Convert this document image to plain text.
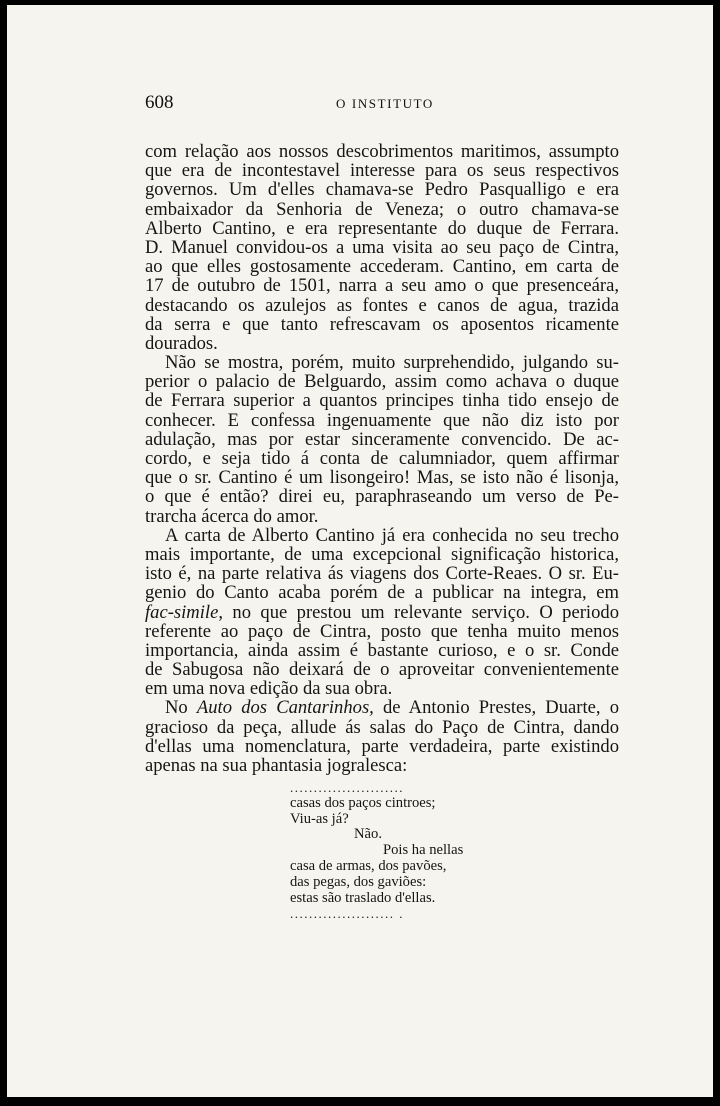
608	O INSTITUTO
com relação aos nossos descobrimentos maritimos, assumpto
que era de incontestavel interesse para os seus respectivos
governos. Um d'elles chamava-se Pedro Pasqualligo e era
embaixador da Senhoria de Veneza; o outro chamava-se
Alberto Cantino, e era representante do duque de Ferrara.
D. Manuel convidou-os a uma visita ao seu paço de Cintra,
ao que elles gostosamente accederam. Cantino, em carta de
17 de outubro de 1501, narra a seu amo o que presenceára,
destacando os azulejos as fontes e canos de agua, trazida
da serra e que tanto refrescavam os aposentos ricamente
dourados.
Não se mostra, porém, muito surprehendido, julgando su-
perior o palacio de Belguardo, assim como achava o duque
de Ferrara superior a quantos principes tinha tido ensejo de
conhecer. E confessa ingenuamente que não diz isto por
adulação, mas por estar sinceramente convencido. De ac-
cordo, e seja tido á conta de calumniador, quem affirmar
que o sr. Cantino é um lisongeiro! Mas, se isto não é lisonja,
o que é então? direi eu, paraphraseando um verso de Pe-
trarcha ácerca do amor.
A carta de Alberto Cantino já era conhecida no seu trecho
mais importante, de uma excepcional significação historica,
isto é, na parte relativa ás viagens dos Corte-Reaes. O sr. Eu-
genio do Canto acaba porém de a publicar na integra, em
fac-simile, no que prestou um relevante serviço. O periodo
referente ao paço de Cintra, posto que tenha muito menos
importancia, ainda assim é bastante curioso, e o sr. Conde
de Sabugosa não deixará de o aproveitar convenientemente
em uma nova edição da sua obra.
No Auto dos Cantarinhos, de Antonio Prestes, Duarte, o
gracioso da peça, allude ás salas do Paço de Cintra, dando
d'ellas uma nomenclatura, parte verdadeira, parte existindo
apenas na sua phantasia jogralesca:
........................
casas dos paços cintroes;
Viu-as já?
Não.
Pois ha nellas
casa de armas, dos pavões,
das pegas, dos gaviões:
estas são traslado d'ellas.
...................... .
